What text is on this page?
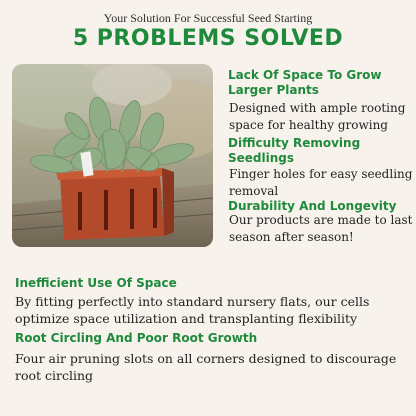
Your Solution For Successful Seed Starting
5 PROBLEMS SOLVED
Lack Of Space To Grow Larger Plants
Designed with ample rooting space for healthy growing
Difficulty Removing Seedlings
Finger holes for easy seedling removal
Durability And Longevity
Our products are made to last season after season!
Inefficient Use Of Space
By fitting perfectly into standard nursery flats, our cells optimize space utilization and transplanting flexibility
Root Circling And Poor Root Growth
Four air pruning slots on all corners designed to discourage root circling
